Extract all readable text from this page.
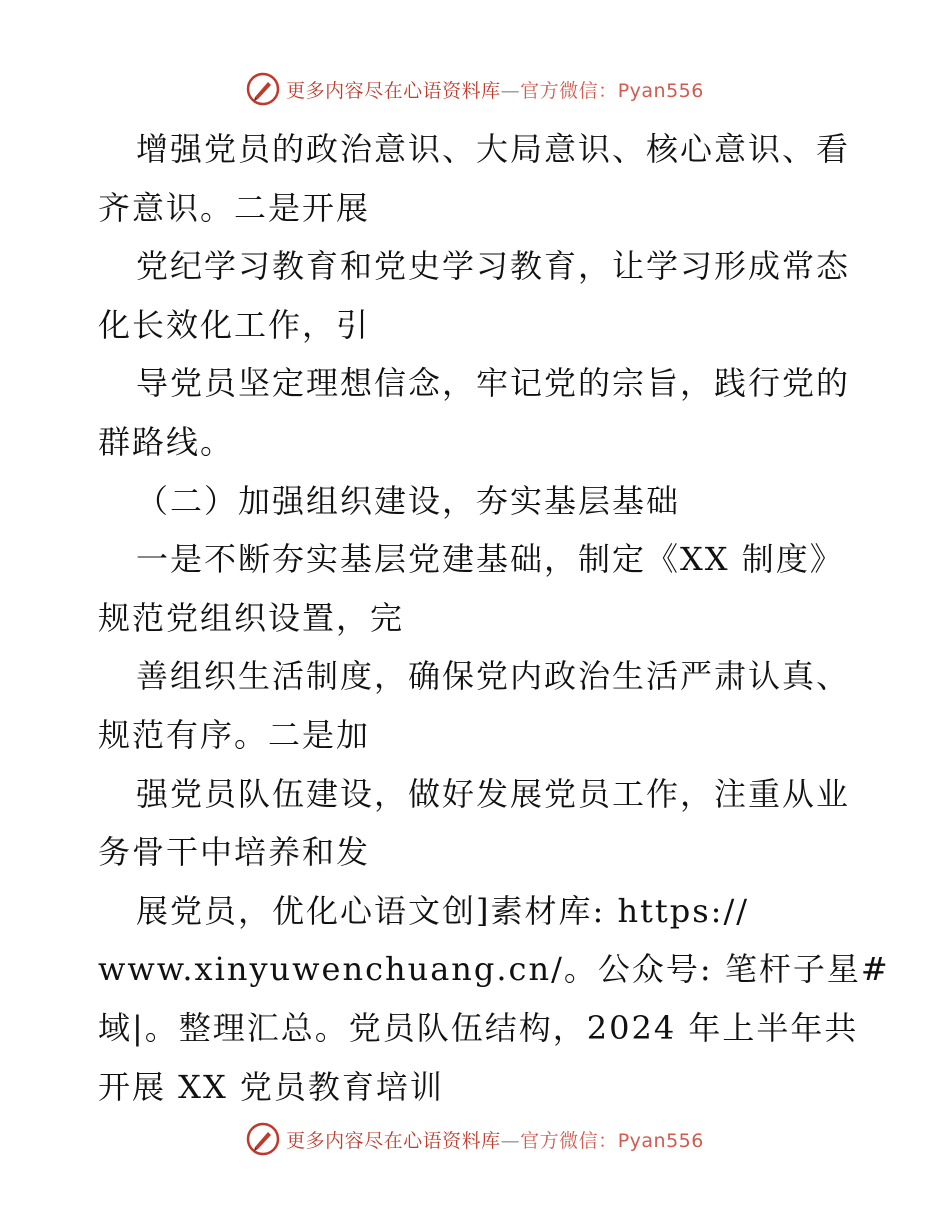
更多内容尽在心语资料库—官方微信：Pyan556
增强党员的政治意识、大局意识、核心意识、看
齐意识。二是开展
党纪学习教育和党史学习教育，让学习形成常态
化长效化工作，引
导党员坚定理想信念，牢记党的宗旨，践行党的
群路线。
（二）加强组织建设，夯实基层基础
一是不断夯实基层党建基础，制定《XX 制度》
规范党组织设置，完
善组织生活制度，确保党内政治生活严肃认真、
规范有序。二是加
强党员队伍建设，做好发展党员工作，注重从业
务骨干中培养和发
展党员，优化心语文创]素材库: https://
www.xinyuwenchuang.cn/。公众号: 笔杆子星#
域|。整理汇总。党员队伍结构，2024 年上半年共
开展 XX 党员教育培训
更多内容尽在心语资料库—官方微信：Pyan556
